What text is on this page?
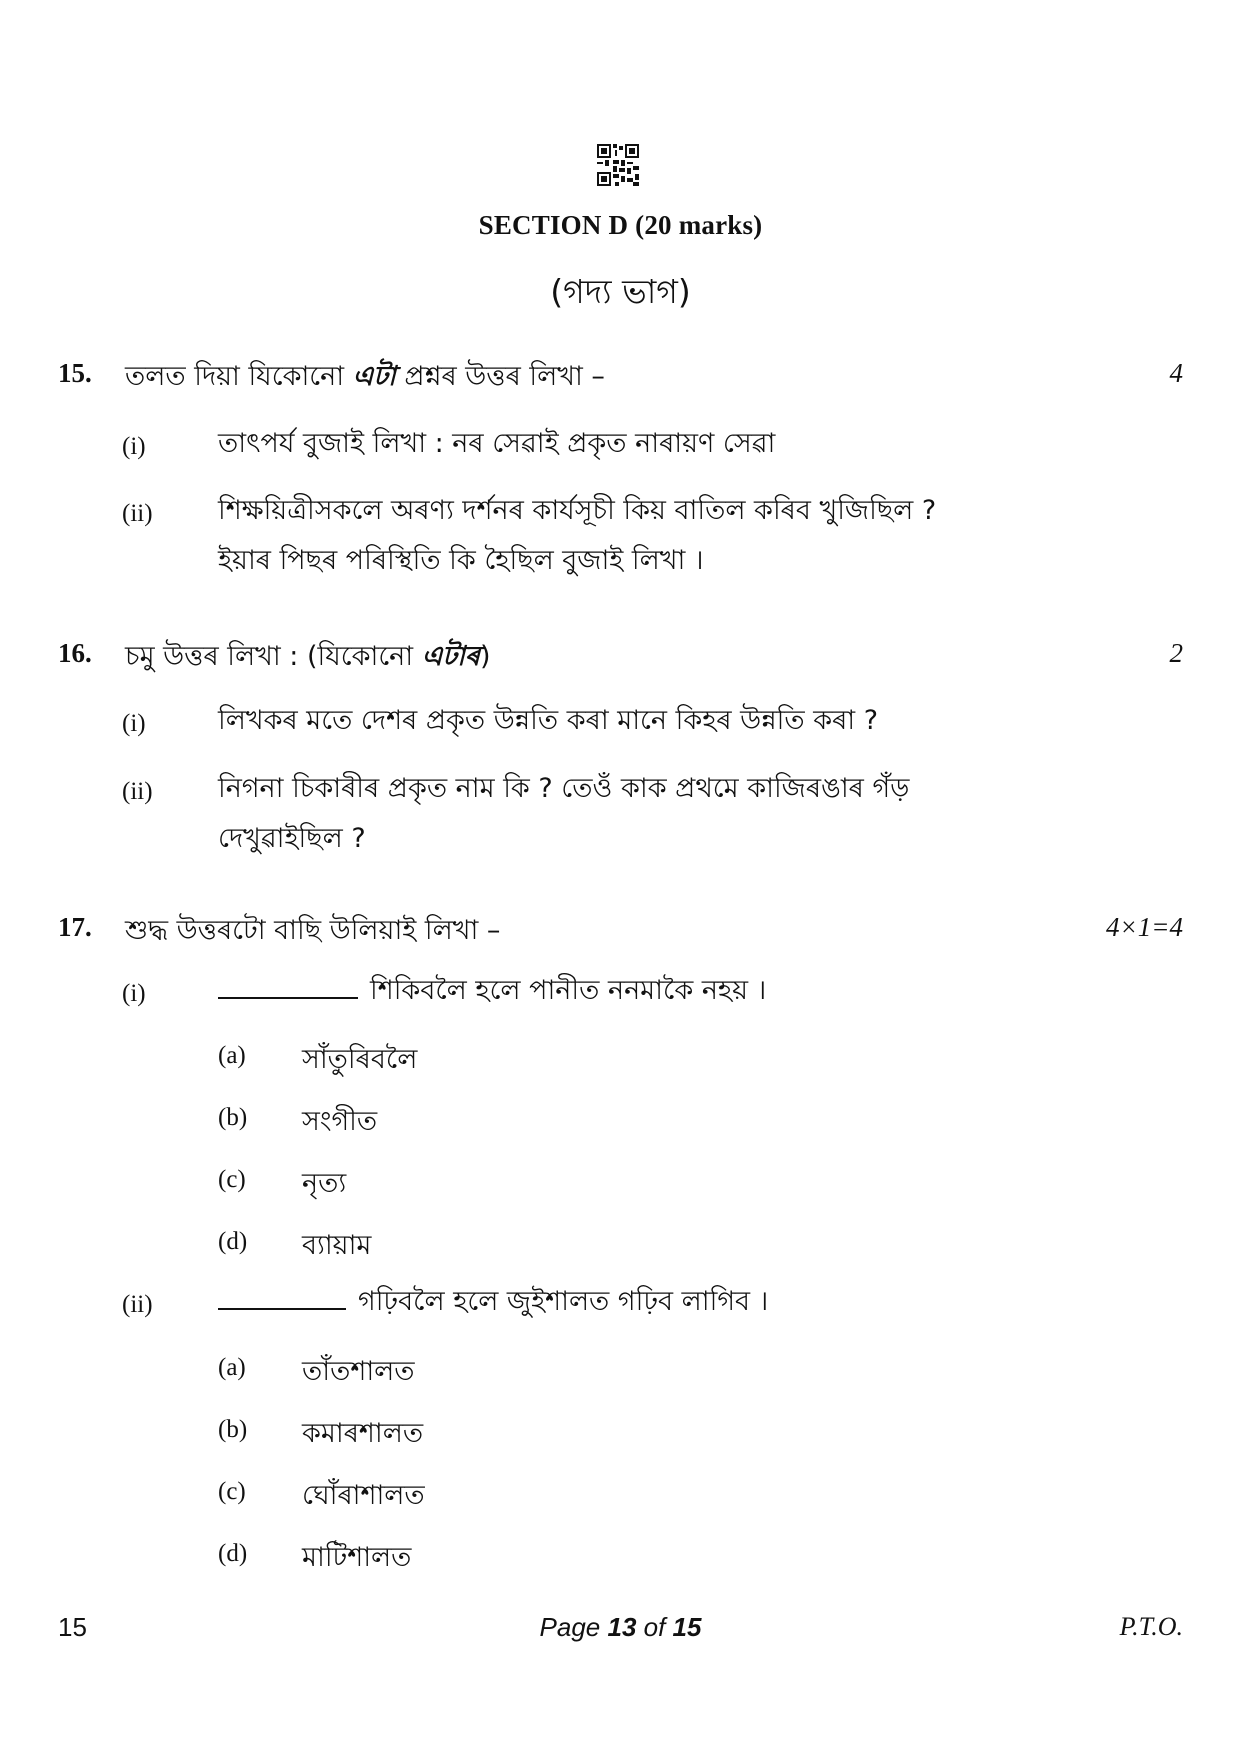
SECTION D (20 marks)
(গদ্য ভাগ)
15. তলত দিয়া যিকোনো এটা প্ৰশ্নৰ উত্তৰ লিখা –	4
(i)	তাৎপৰ্য বুজাই লিখা : নৰ সেৱাই প্ৰকৃত নাৰায়ণ সেৱা
(ii) শিক্ষয়িত্ৰীসকলে অৰণ্য দৰ্শনৰ কাৰ্যসূচী কিয় বাতিল কৰিব খুজিছিল ?
ইয়াৰ পিছৰ পৰিস্থিতি কি হৈছিল বুজাই লিখা ।
16. চমু উত্তৰ লিখা : (যিকোনো এটাৰ)	2
(i)	লিখকৰ মতে দেশৰ প্ৰকৃত উন্নতি কৰা মানে কিহৰ উন্নতি কৰা ?
(ii) নিগনা চিকাৰীৰ প্ৰকৃত নাম কি ? তেওঁ কাক প্ৰথমে কাজিৰঙাৰ গঁড়
দেখুৱাইছিল ?
17. শুদ্ধ উত্তৰটো বাছি উলিয়াই লিখা –	4×1=4
(i)	শিকিবলৈ হলে পানীত ননমাকৈ নহয় ।
(a) সাঁতুৰিবলৈ
(b) সংগীত
(c) নৃত্য
(d) ব্যায়াম
(ii)	গঢ়িবলৈ হলে জুইশালত গঢ়িব লাগিব ।
(a) তাঁতশালত
(b) কমাৰশালত
(c) ঘোঁৰাশালত
(d) মাটিশালত
15	Page 13 of 15	P.T.O.
